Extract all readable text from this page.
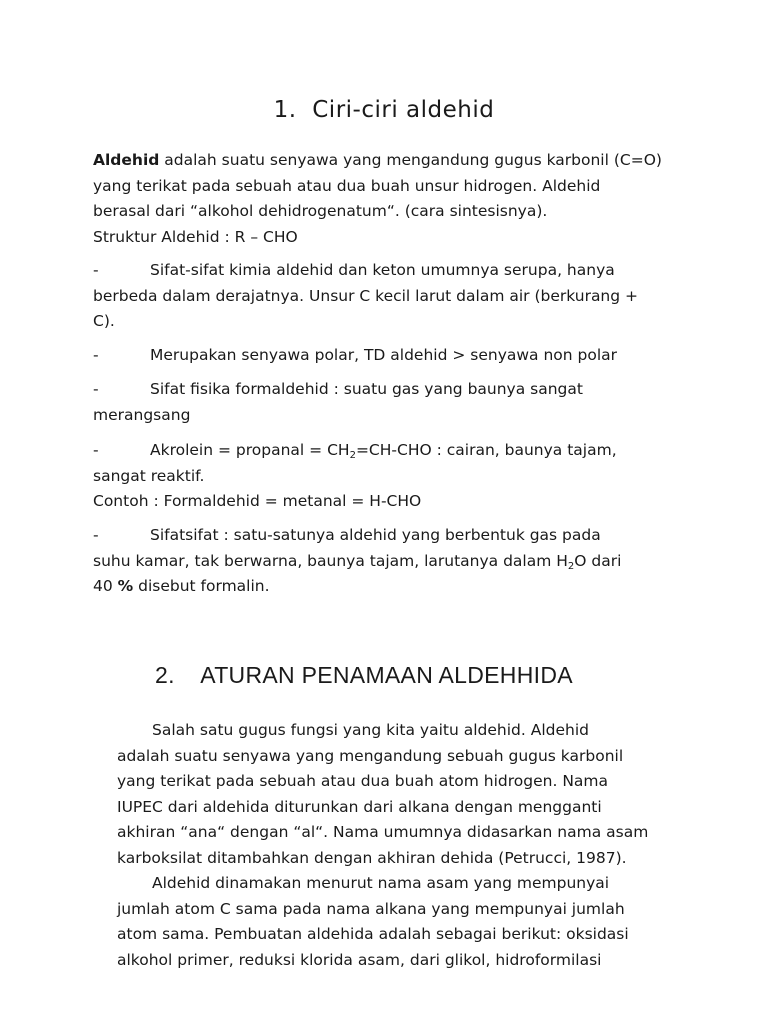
1.  Ciri-ciri aldehid
Aldehid adalah suatu senyawa yang mengandung gugus karbonil (C=O)
yang terikat pada sebuah atau dua buah unsur hidrogen. Aldehid
berasal dari “alkohol dehidrogenatum“. (cara sintesisnya).
Struktur Aldehid : R – CHO
-	Sifat-sifat kimia aldehid dan keton umumnya serupa, hanya
berbeda dalam derajatnya. Unsur C kecil larut dalam air (berkurang +
C).
-	Merupakan senyawa polar, TD aldehid > senyawa non polar
-	Sifat fisika formaldehid : suatu gas yang baunya sangat
merangsang
-	Akrolein = propanal = $CH_2=CH$-CHO : cairan, baunya tajam,
sangat reaktif.
Contoh : Formaldehid = metanal = H-CHO
-	Sifatsifat : satu-satunya aldehid yang berbentuk gas pada
suhu kamar, tak berwarna, baunya tajam, larutanya dalam $H_2O$ dari
40 % disebut formalin.
2.    ATURAN PENAMAAN ALDEHHIDA
Salah satu gugus fungsi yang kita yaitu aldehid. Aldehid
adalah suatu senyawa yang mengandung sebuah gugus karbonil
yang terikat pada sebuah atau dua buah atom hidrogen. Nama
IUPEC dari aldehida diturunkan dari alkana dengan mengganti
akhiran “ana“ dengan “al“. Nama umumnya didasarkan nama asam
karboksilat ditambahkan dengan akhiran dehida (Petrucci, 1987).
Aldehid dinamakan menurut nama asam yang mempunyai
jumlah atom C sama pada nama alkana yang mempunyai jumlah
atom sama. Pembuatan aldehida adalah sebagai berikut: oksidasi
alkohol primer, reduksi klorida asam, dari glikol, hidroformilasi
